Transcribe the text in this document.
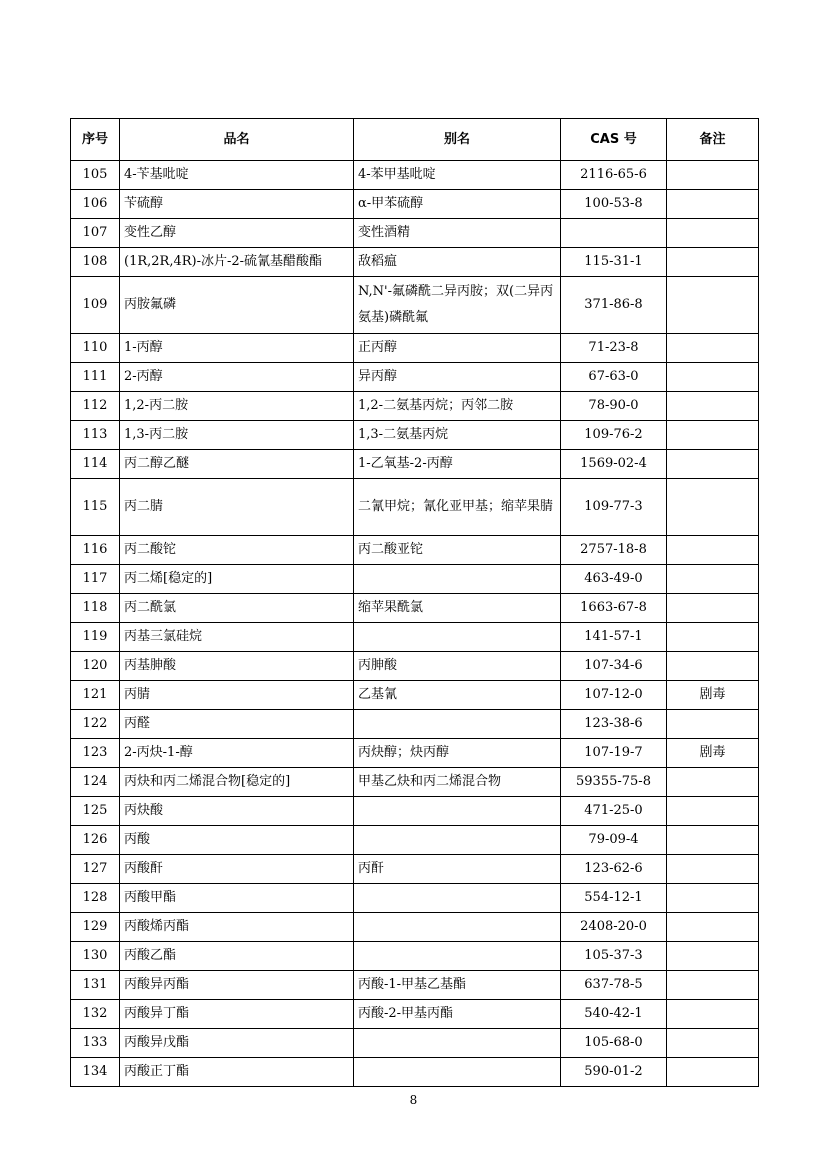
序号	品名	别名	CAS 号	备注
105	4-苄基吡啶	4-苯甲基吡啶	2116-65-6	
106	苄硫醇	α-甲苯硫醇	100-53-8	
107	变性乙醇	变性酒精		
108	(1R,2R,4R)-冰片-2-硫氰基醋酸酯	敌稻瘟	115-31-1	
109	丙胺氟磷	N,N'-氟磷酰二异丙胺；双(二异丙氨基)磷酰氟	371-86-8	
110	1-丙醇	正丙醇	71-23-8	
111	2-丙醇	异丙醇	67-63-0	
112	1,2-丙二胺	1,2-二氨基丙烷；丙邻二胺	78-90-0	
113	1,3-丙二胺	1,3-二氨基丙烷	109-76-2	
114	丙二醇乙醚	1-乙氧基-2-丙醇	1569-02-4	
115	丙二腈	二氰甲烷；氰化亚甲基；缩苹果腈	109-77-3	
116	丙二酸铊	丙二酸亚铊	2757-18-8	
117	丙二烯[稳定的]		463-49-0	
118	丙二酰氯	缩苹果酰氯	1663-67-8	
119	丙基三氯硅烷		141-57-1	
120	丙基胂酸	丙胂酸	107-34-6	
121	丙腈	乙基氰	107-12-0	剧毒
122	丙醛		123-38-6	
123	2-丙炔-1-醇	丙炔醇；炔丙醇	107-19-7	剧毒
124	丙炔和丙二烯混合物[稳定的]	甲基乙炔和丙二烯混合物	59355-75-8	
125	丙炔酸		471-25-0	
126	丙酸		79-09-4	
127	丙酸酐	丙酐	123-62-6	
128	丙酸甲酯		554-12-1	
129	丙酸烯丙酯		2408-20-0	
130	丙酸乙酯		105-37-3	
131	丙酸异丙酯	丙酸-1-甲基乙基酯	637-78-5	
132	丙酸异丁酯	丙酸-2-甲基丙酯	540-42-1	
133	丙酸异戊酯		105-68-0	
134	丙酸正丁酯		590-01-2	
8
